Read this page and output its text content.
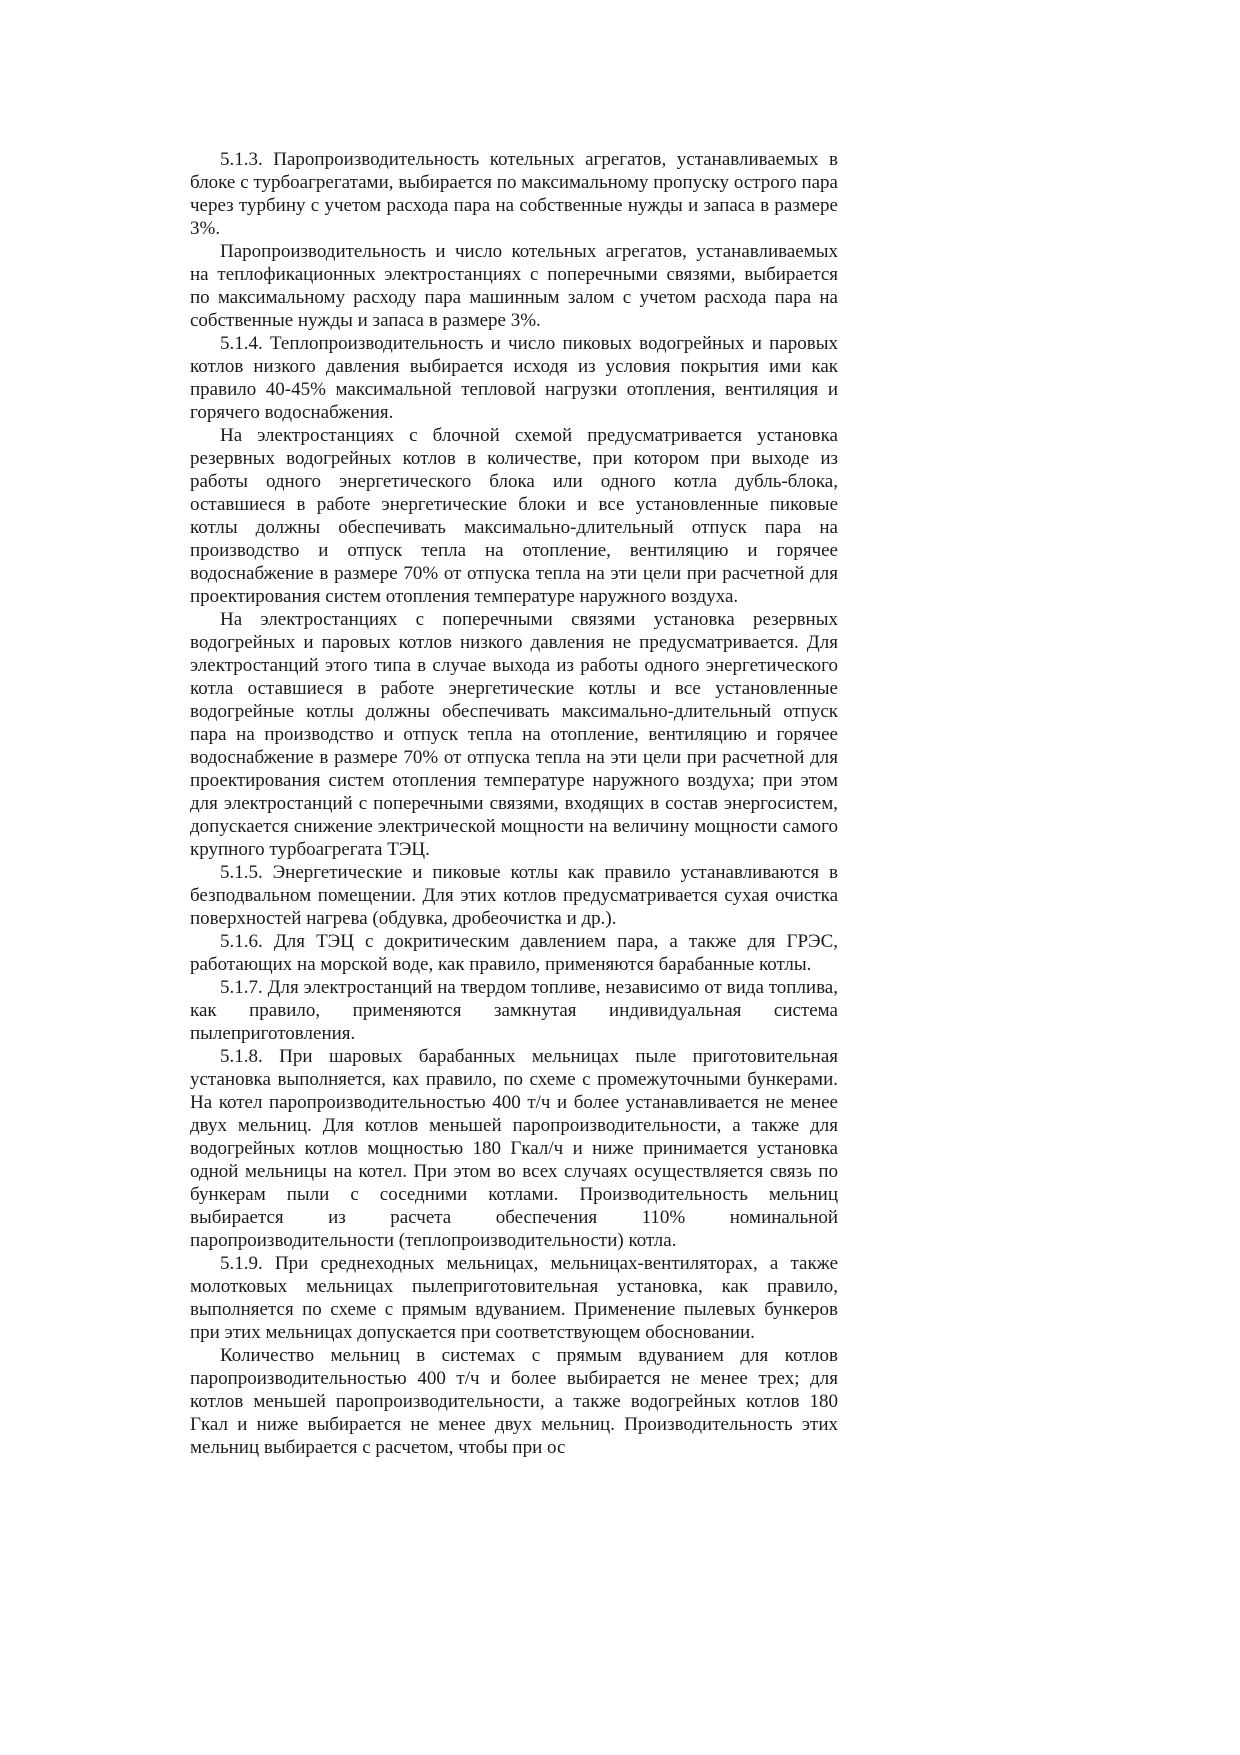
5.1.3. Паропроизводительность котельных агрегатов, устанавливаемых в блоке с турбоагрегатами, выбирается по максимальному пропуску острого пара через турбину с учетом расхода пара на собственные нужды и запаса в размере 3%.

Паропроизводительность и число котельных агрегатов, устанавливаемых на теплофикационных электростанциях с поперечными связями, выбирается по максимальному расходу пара машинным залом с учетом расхода пара на собственные нужды и запаса в размере 3%.

5.1.4. Теплопроизводительность и число пиковых водогрейных и паровых котлов низкого давления выбирается исходя из условия покрытия ими как правило 40-45% максимальной тепловой нагрузки отопления, вентиляция и горячего водоснабжения.

На электростанциях с блочной схемой предусматривается установка резервных водогрейных котлов в количестве, при котором при выходе из работы одного энергетического блока или одного котла дубль-блока, оставшиеся в работе энергетические блоки и все установленные пиковые котлы должны обеспечивать максимально-длительный отпуск пара на производство и отпуск тепла на отопление, вентиляцию и горячее водоснабжение в размере 70% от отпуска тепла на эти цели при расчетной для проектирования систем отопления температуре наружного воздуха.

На электростанциях с поперечными связями установка резервных водогрейных и паровых котлов низкого давления не предусматривается. Для электростанций этого типа в случае выхода из работы одного энергетического котла оставшиеся в работе энергетические котлы и все установленные водогрейные котлы должны обеспечивать максимально-длительный отпуск пара на производство и отпуск тепла на отопление, вентиляцию и горячее водоснабжение в размере 70% от отпуска тепла на эти цели при расчетной для проектирования систем отопления температуре наружного воздуха; при этом для электростанций с поперечными связями, входящих в состав энергосистем, допускается снижение электрической мощности на величину мощности самого крупного турбоагрегата ТЭЦ.

5.1.5. Энергетические и пиковые котлы как правило устанавливаются в безподвальном помещении. Для этих котлов предусматривается сухая очистка поверхностей нагрева (обдувка, дробеочистка и др.).

5.1.6. Для ТЭЦ с докритическим давлением пара, а также для ГРЭС, работающих на морской воде, как правило, применяются барабанные котлы.

5.1.7. Для электростанций на твердом топливе, независимо от вида топлива, как правило, применяются замкнутая индивидуальная система пылеприготовления.

5.1.8. При шаровых барабанных мельницах пыле приготовительная установка выполняется, ках правило, по схеме с промежуточными бункерами. На котел паропроизводительностью 400 т/ч и более устанавливается не менее двух мельниц. Для котлов меньшей паропроизводительности, а также для водогрейных котлов мощностью 180 Гкал/ч и ниже принимается установка одной мельницы на котел. При этом во всех случаях осуществляется связь по бункерам пыли с соседними котлами. Производительность мельниц выбирается из расчета обеспечения 110% номинальной паропроизводительности (теплопроизводительности) котла.

5.1.9. При среднеходных мельницах, мельницах-вентиляторах, а также молотковых мельницах пылеприготовительная установка, как правило, выполняется по схеме с прямым вдуванием. Применение пылевых бункеров при этих мельницах допускается при соответствующем обосновании.

Количество мельниц в системах с прямым вдуванием для котлов паропроизводительностью 400 т/ч и более выбирается не менее трех; для котлов меньшей паропроизводительности, а также водогрейных котлов 180 Гкал и ниже выбирается не менее двух мельниц. Производительность этих мельниц выбирается с расчетом, чтобы при ос
